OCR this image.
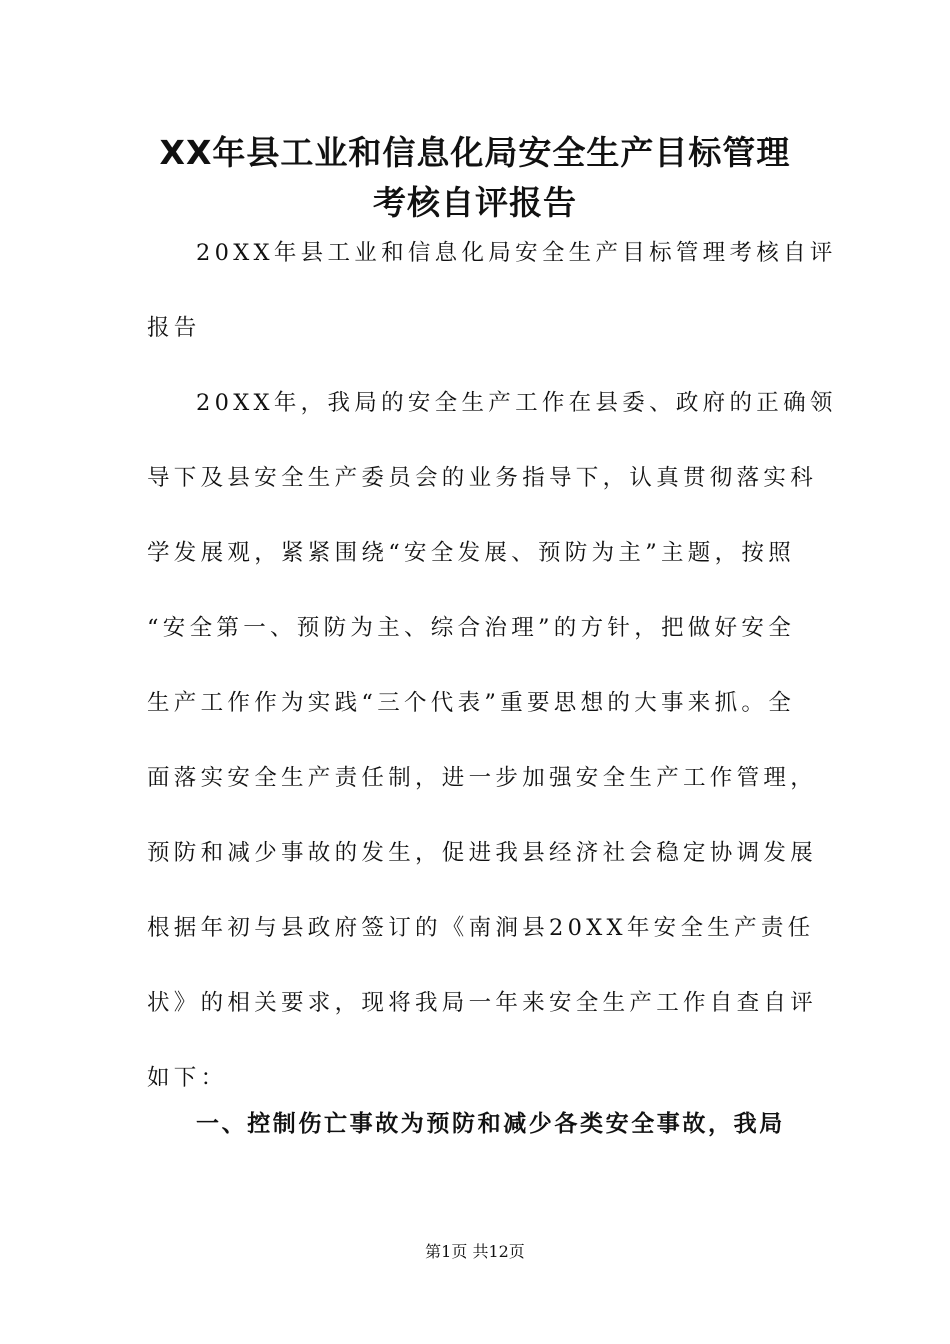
XX年县工业和信息化局安全生产目标管理
考核自评报告

20XX年县工业和信息化局安全生产目标管理考核自评

报告

20XX年，我局的安全生产工作在县委、政府的正确领

导下及县安全生产委员会的业务指导下，认真贯彻落实科

学发展观，紧紧围绕“安全发展、预防为主”主题，按照

“安全第一、预防为主、综合治理”的方针，把做好安全

生产工作作为实践“三个代表”重要思想的大事来抓。全

面落实安全生产责任制，进一步加强安全生产工作管理，

预防和减少事故的发生，促进我县经济社会稳定协调发展

根据年初与县政府签订的《南涧县20XX年安全生产责任

状》的相关要求，现将我局一年来安全生产工作自查自评

如下：

一、控制伤亡事故为预防和减少各类安全事故，我局

第1页 共12页
